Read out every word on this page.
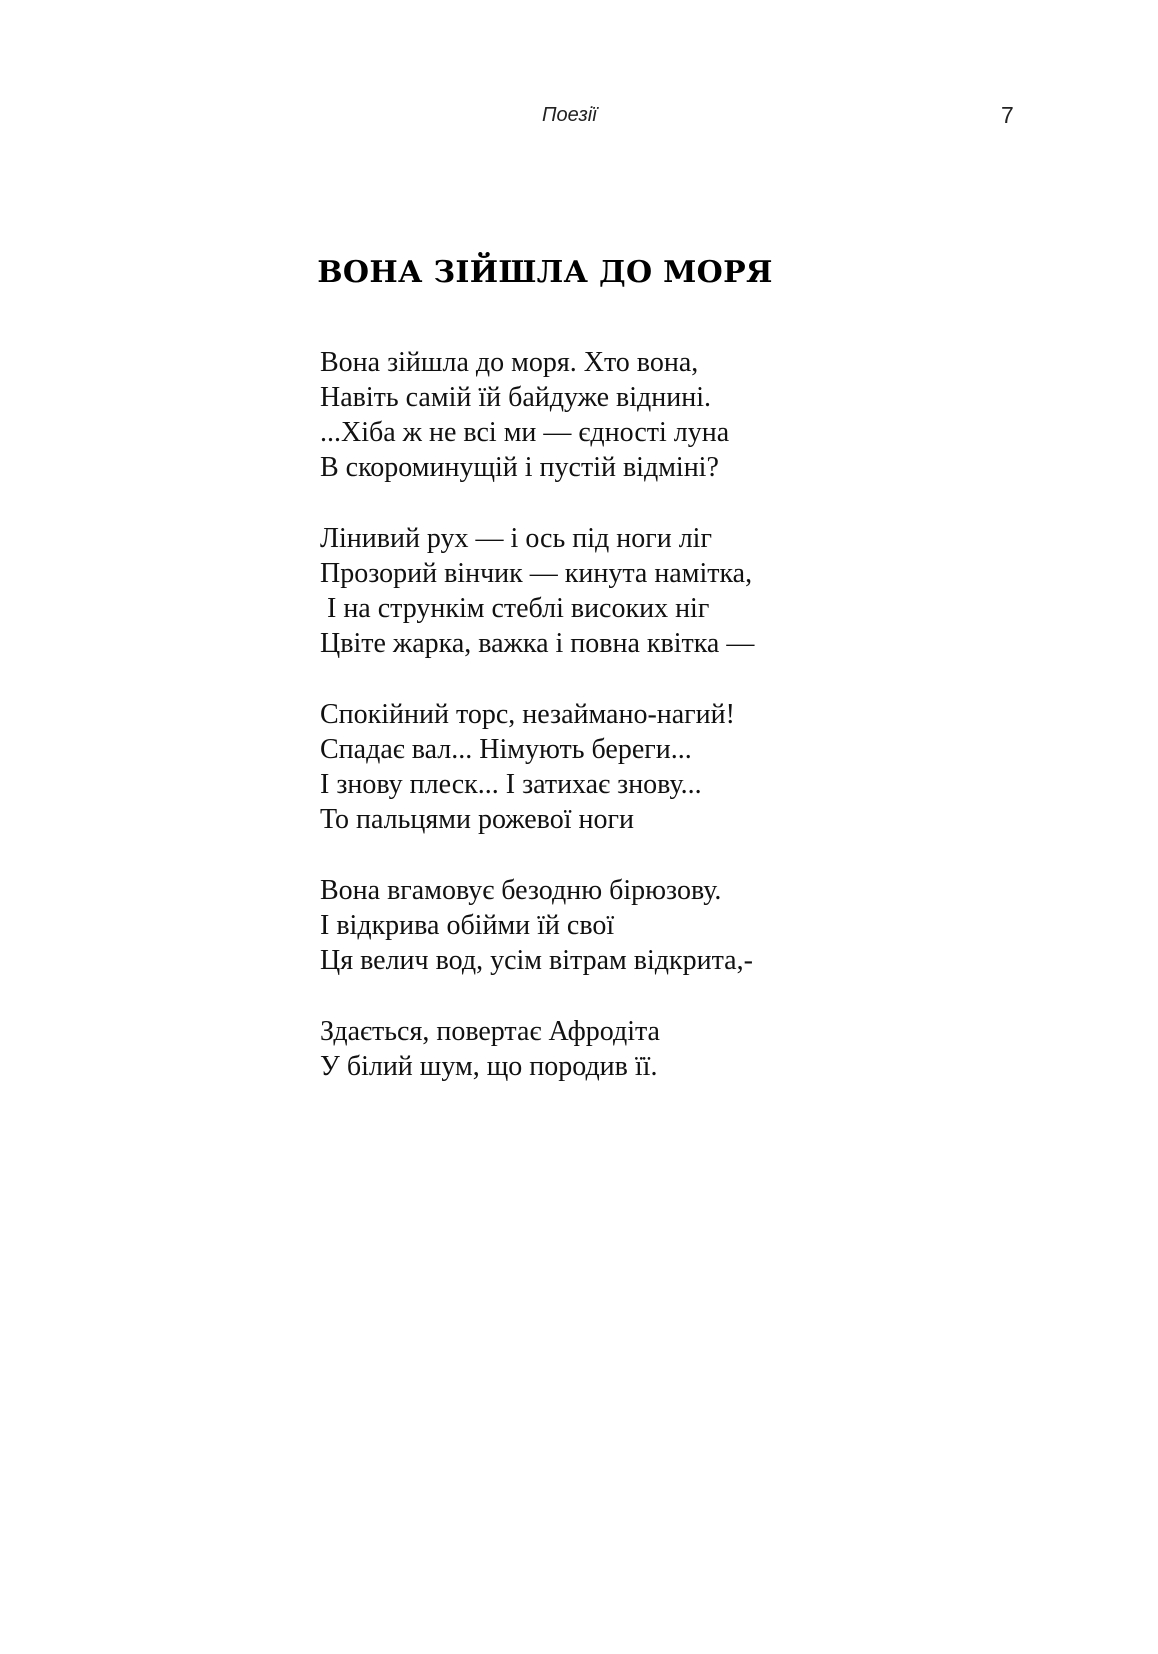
Поезії	7
ВОНА ЗІЙШЛА ДО МОРЯ
Вона зійшла до моря. Хто вона,
Навіть самій їй байдуже віднині.
...Хіба ж не всі ми — єдності луна
В скороминущій і пустій відміні?
Лінивий рух — і ось під ноги ліг
Прозорий вінчик — кинута намітка,
І на стрункім стеблі високих ніг
Цвіте жарка, важка і повна квітка —
Спокійний торс, незаймано-нагий!
Спадає вал... Німують береги...
І знову плеск... І затихає знову...
То пальцями рожевої ноги
Вона вгамовує безодню бірюзову.
І відкрива обійми їй свої
Ця велич вод, усім вітрам відкрита,-
Здається, повертає Афродіта
У білий шум, що породив її.
